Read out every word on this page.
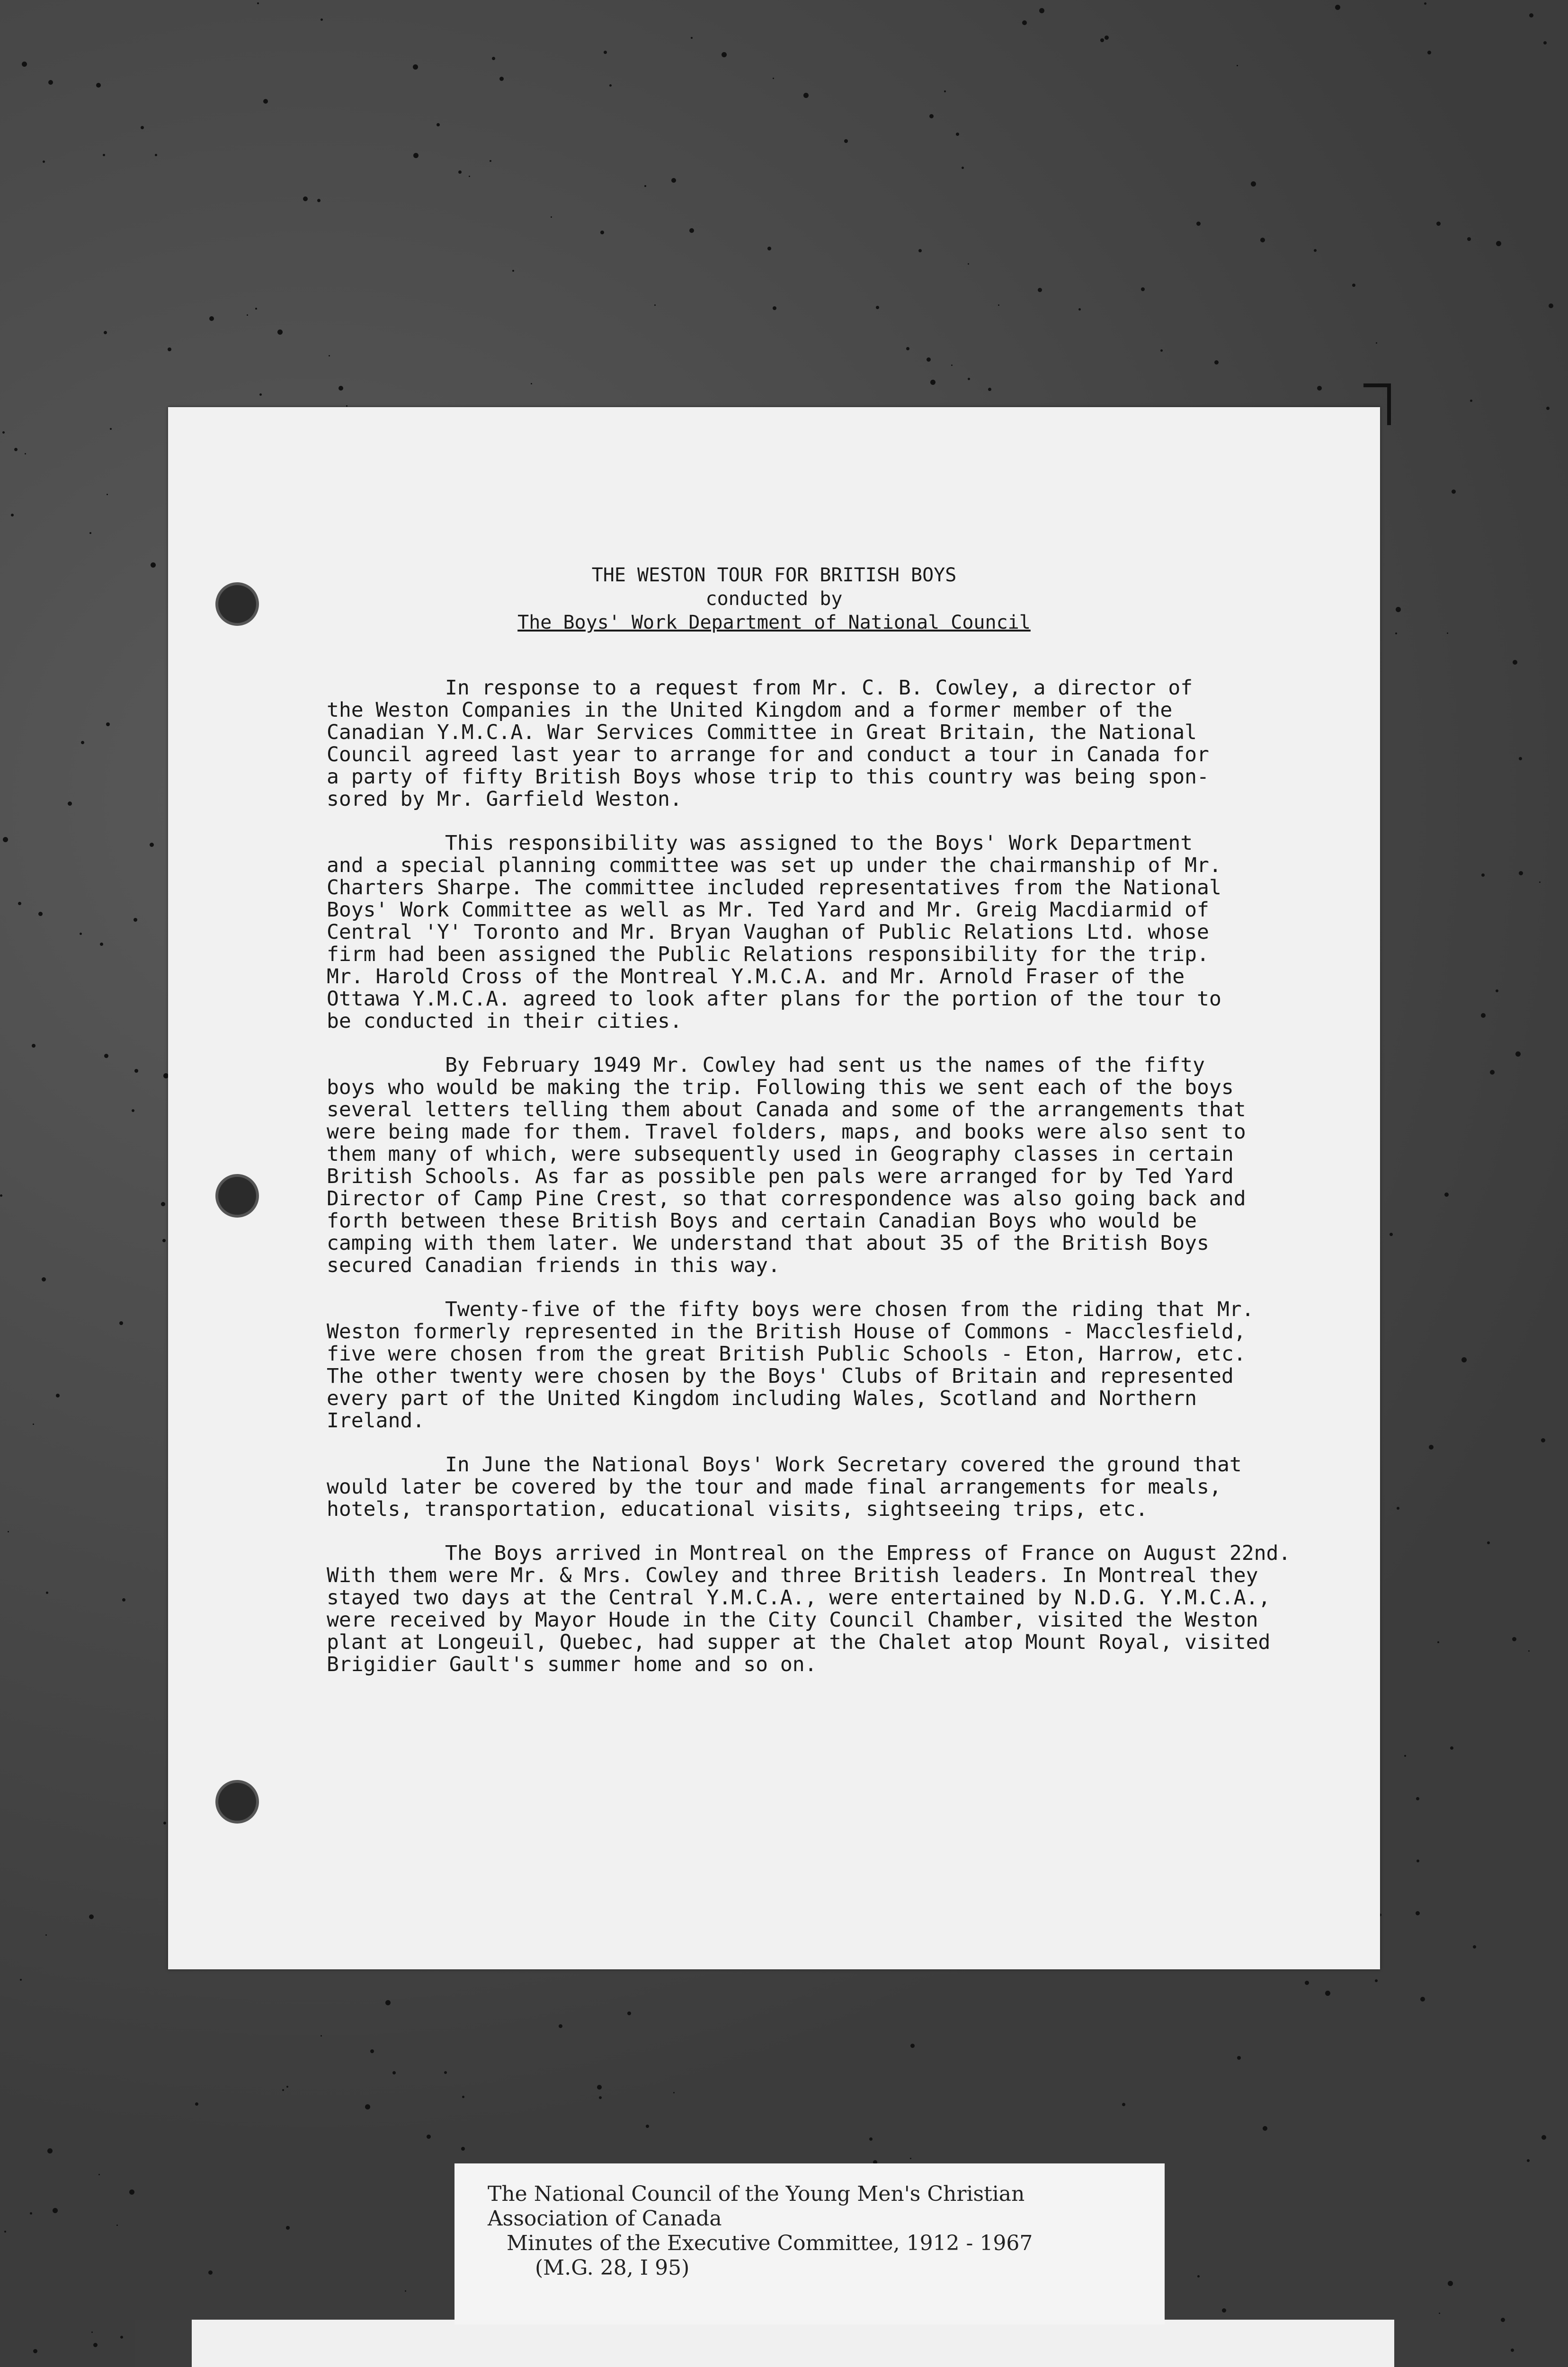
THE WESTON TOUR FOR BRITISH BOYS
conducted by
The Boys' Work Department of National Council

In response to a request from Mr. C. B. Cowley, a director of
the Weston Companies in the United Kingdom and a former member of the
Canadian Y.M.C.A. War Services Committee in Great Britain, the National
Council agreed last year to arrange for and conduct a tour in Canada for
a party of fifty British Boys whose trip to this country was being spon-
sored by Mr. Garfield Weston.

This responsibility was assigned to the Boys' Work Department
and a special planning committee was set up under the chairmanship of Mr.
Charters Sharpe. The committee included representatives from the National
Boys' Work Committee as well as Mr. Ted Yard and Mr. Greig Macdiarmid of
Central 'Y' Toronto and Mr. Bryan Vaughan of Public Relations Ltd. whose
firm had been assigned the Public Relations responsibility for the trip.
Mr. Harold Cross of the Montreal Y.M.C.A. and Mr. Arnold Fraser of the
Ottawa Y.M.C.A. agreed to look after plans for the portion of the tour to
be conducted in their cities.

By February 1949 Mr. Cowley had sent us the names of the fifty
boys who would be making the trip. Following this we sent each of the boys
several letters telling them about Canada and some of the arrangements that
were being made for them. Travel folders, maps, and books were also sent to
them many of which, were subsequently used in Geography classes in certain
British Schools. As far as possible pen pals were arranged for by Ted Yard
Director of Camp Pine Crest, so that correspondence was also going back and
forth between these British Boys and certain Canadian Boys who would be
camping with them later. We understand that about 35 of the British Boys
secured Canadian friends in this way.

Twenty-five of the fifty boys were chosen from the riding that Mr.
Weston formerly represented in the British House of Commons - Macclesfield,
five were chosen from the great British Public Schools - Eton, Harrow, etc.
The other twenty were chosen by the Boys' Clubs of Britain and represented
every part of the United Kingdom including Wales, Scotland and Northern
Ireland.

In June the National Boys' Work Secretary covered the ground that
would later be covered by the tour and made final arrangements for meals,
hotels, transportation, educational visits, sightseeing trips, etc.

The Boys arrived in Montreal on the Empress of France on August 22nd.
With them were Mr. & Mrs. Cowley and three British leaders. In Montreal they
stayed two days at the Central Y.M.C.A., were entertained by N.D.G. Y.M.C.A.,
were received by Mayor Houde in the City Council Chamber, visited the Weston
plant at Longeuil, Quebec, had supper at the Chalet atop Mount Royal, visited
Brigidier Gault's summer home and so on.

The National Council of the Young Men's Christian
Association of Canada
Minutes of the Executive Committee, 1912 - 1967
(M.G. 28, I 95)
